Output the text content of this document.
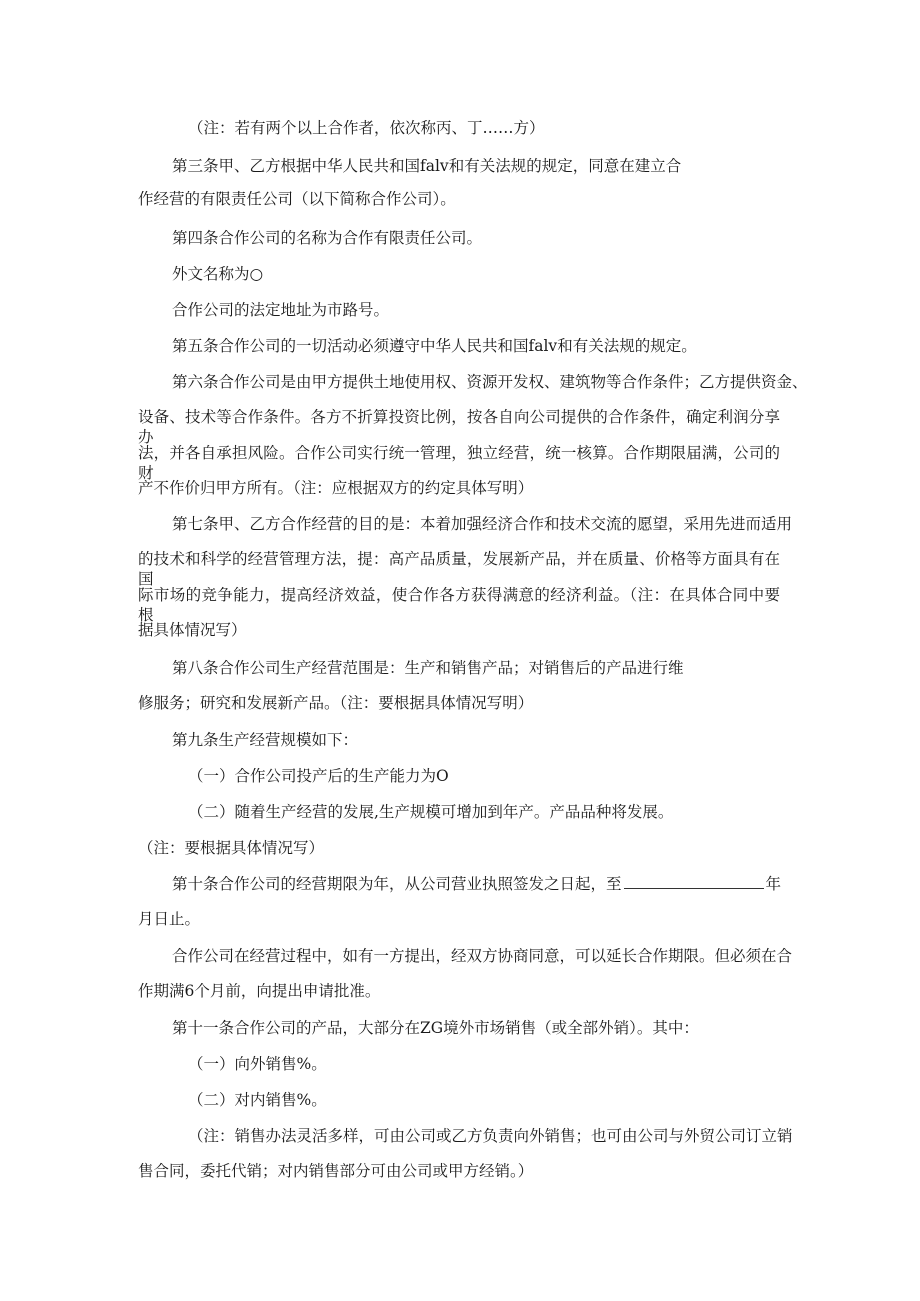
（注：若有两个以上合作者，依次称丙、丁……方）
第三条甲、乙方根据中华人民共和国falv和有关法规的规定，同意在建立合
作经营的有限责任公司（以下简称合作公司）。
第四条合作公司的名称为合作有限责任公司。
外文名称为○
合作公司的法定地址为市路号。
第五条合作公司的一切活动必须遵守中华人民共和国falv和有关法规的规定。
第六条合作公司是由甲方提供土地使用权、资源开发权、建筑物等合作条件；乙方提供资金、
设备、技术等合作条件。各方不折算投资比例，按各自向公司提供的合作条件，确定利润分享办
法，并各自承担风险。合作公司实行统一管理，独立经营，统一核算。合作期限届满，公司的财
产不作价归甲方所有。（注：应根据双方的约定具体写明）
第七条甲、乙方合作经营的目的是：本着加强经济合作和技术交流的愿望，采用先进而适用
的技术和科学的经营管理方法，提：高产品质量，发展新产品，并在质量、价格等方面具有在国
际市场的竞争能力，提高经济效益，使合作各方获得满意的经济利益。（注：在具体合同中要根
据具体情况写）
第八条合作公司生产经营范围是：生产和销售产品；对销售后的产品进行维
修服务；研究和发展新产品。（注：要根据具体情况写明）
第九条生产经营规模如下：
（一）合作公司投产后的生产能力为O
（二）随着生产经营的发展,生产规模可增加到年产。产品品种将发展。
（注：要根据具体情况写）
第十条合作公司的经营期限为年，从公司营业执照签发之日起，至	年
月日止。
合作公司在经营过程中，如有一方提出，经双方协商同意，可以延长合作期限。但必须在合
作期满6个月前，向提出申请批准。
第十一条合作公司的产品，大部分在ZG境外市场销售（或全部外销）。其中：
（一）向外销售%。
（二）对内销售%。
（注：销售办法灵活多样，可由公司或乙方负责向外销售；也可由公司与外贸公司订立销
售合同，委托代销；对内销售部分可由公司或甲方经销。）
